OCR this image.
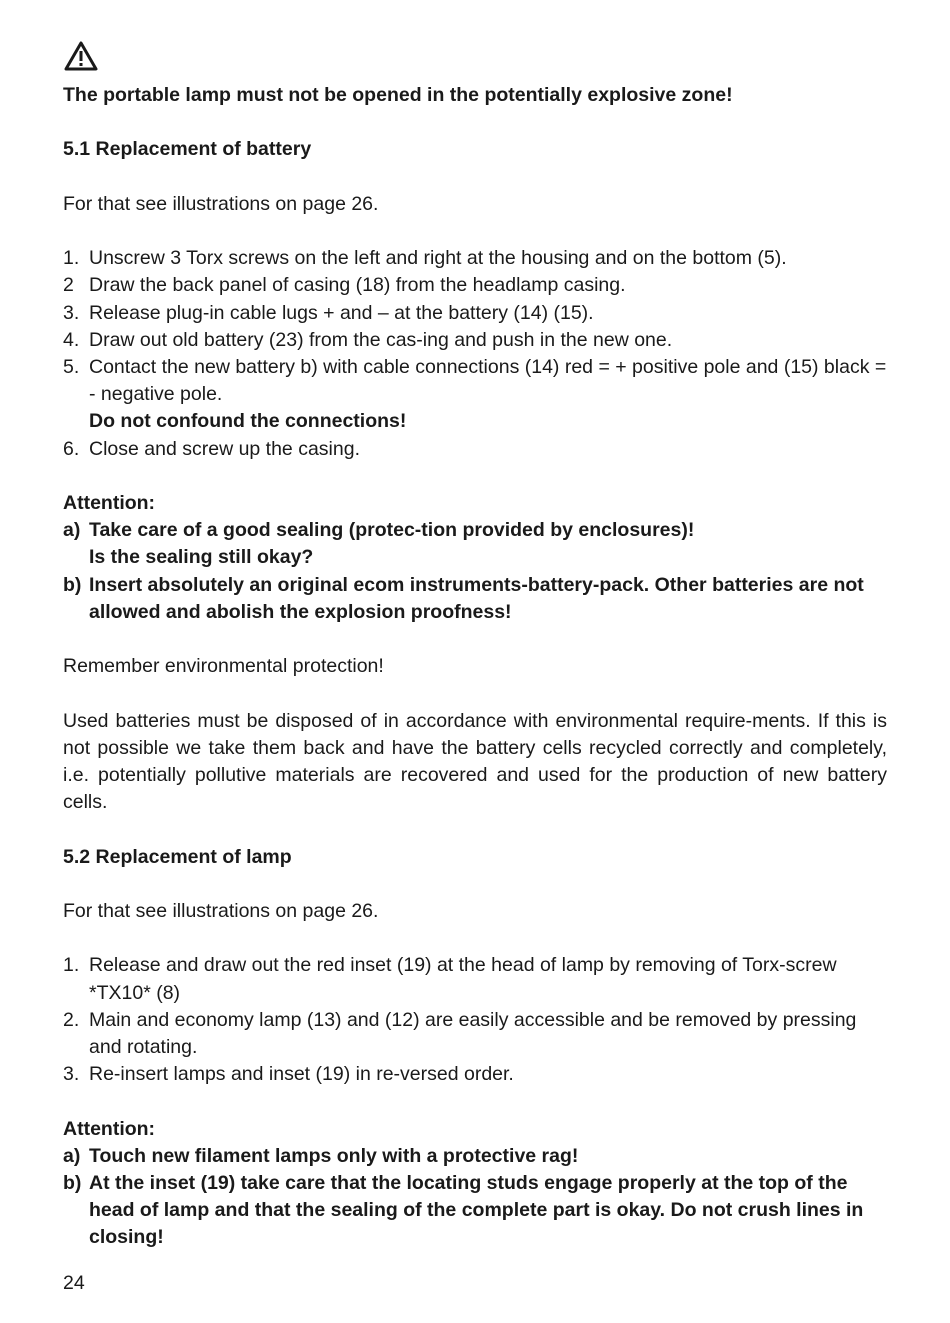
The portable lamp must not be opened in the potentially explosive zone!

5.1 Replacement of battery

For that see illustrations on page 26.

1. Unscrew 3 Torx screws on the left and right at the housing and on the bottom (5).
2 Draw the back panel of casing (18) from the headlamp casing.
3. Release plug-in cable lugs + and – at the battery (14) (15).
4. Draw out old battery (23) from the cas-ing and push in the new one.
5. Contact the new battery b) with cable connections (14) red = + positive pole and (15) black = - negative pole.
Do not confound the connections!
6. Close and screw up the casing.

Attention:

a) Take care of a good sealing (protec-tion provided by enclosures)!
Is the sealing still okay?
b) Insert absolutely an original ecom instruments-battery-pack. Other batteries are not allowed and abolish the explosion proofness!

Remember environmental protection!

Used batteries must be disposed of in accordance with environmental require-ments. If this is not possible we take them back and have the battery cells recycled correctly and completely, i.e. potentially pollutive materials are recovered and used for the production of new battery cells.

5.2 Replacement of lamp

For that see illustrations on page 26.

1. Release and draw out the red inset (19) at the head of lamp by removing of Torx-screw *TX10* (8)
2. Main and economy lamp (13) and (12) are easily accessible and be removed by pressing and rotating.
3. Re-insert lamps and inset (19) in re-versed order.

Attention:

a) Touch new filament lamps only with a protective rag!
b) At the inset (19) take care that the locating studs engage properly at the top of the head of lamp and that the sealing of the complete part is okay. Do not crush lines in closing!

24
